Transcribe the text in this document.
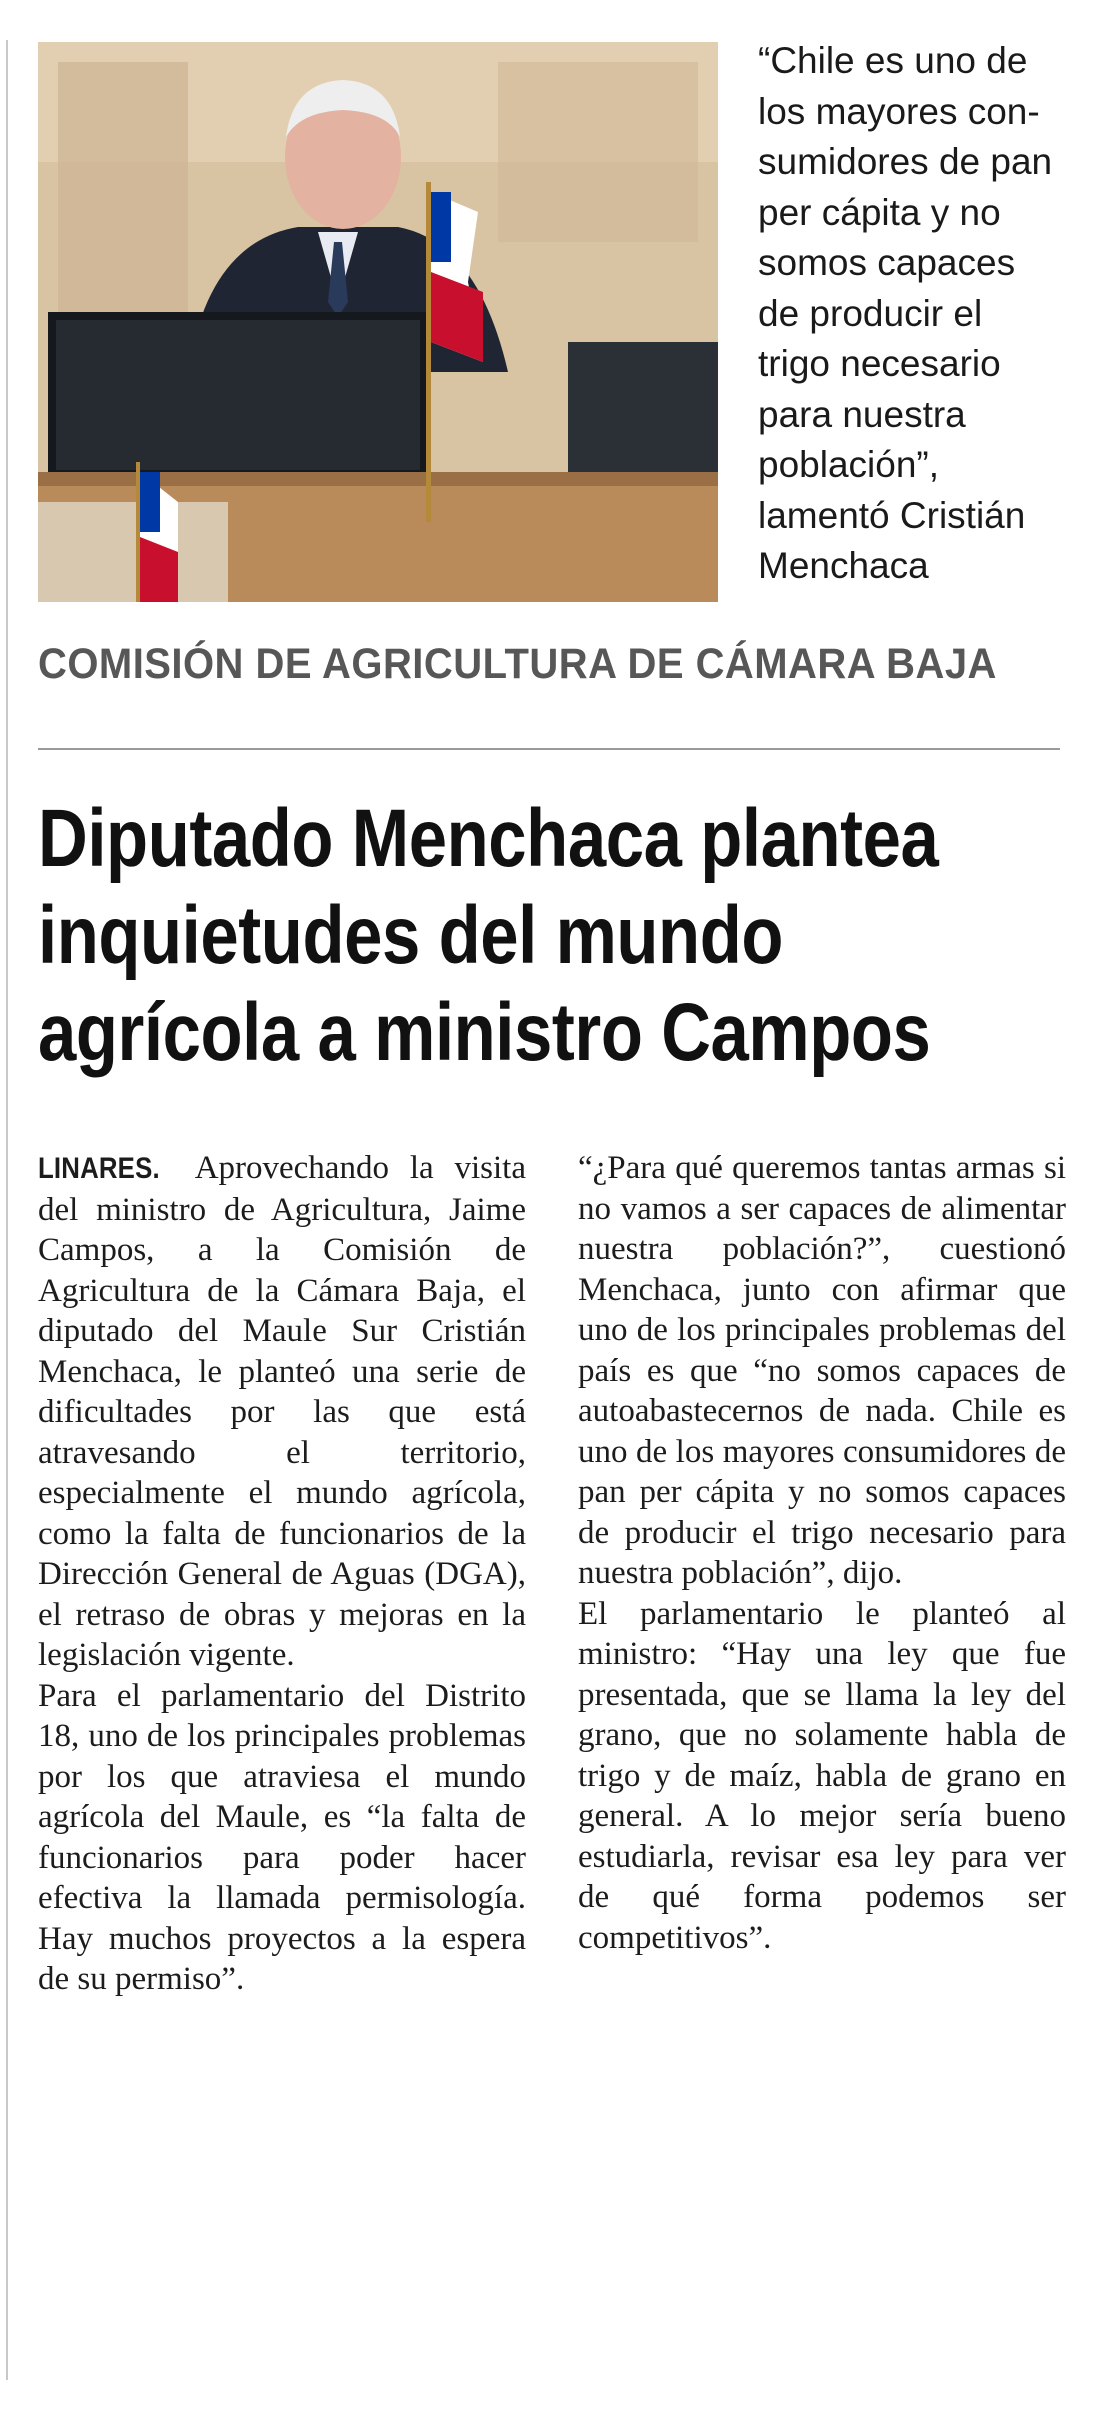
“Chile es uno de
los mayores con-
sumidores de pan
per cápita y no
somos capaces
de producir el
trigo necesario
para nuestra
población”,
lamentó Cristián
Menchaca
COMISIÓN DE AGRICULTURA DE CÁMARA BAJA
Diputado Menchaca plantea
inquietudes del mundo
agrícola a ministro Campos

LINARES. Aprovechando la visita del ministro de Agricultura, Jaime Campos, a la Comisión de Agricultura de la Cámara Baja, el diputado del Maule Sur Cristián Menchaca, le planteó una serie de dificultades por las que está atravesando el territorio, especialmente el mundo agrícola, como la falta de funcionarios de la Dirección General de Aguas (DGA), el retraso de obras y mejoras en la legislación vigente.

Para el parlamentario del Distrito 18, uno de los principales problemas por los que atraviesa el mundo agrícola del Maule, es “la falta de funcionarios para poder hacer efectiva la llamada permisología. Hay muchos proyectos a la espera de su permiso”.

“¿Para qué queremos tantas armas si no vamos a ser capaces de alimentar nuestra población?”, cuestionó Menchaca, junto con afirmar que uno de los principales problemas del país es que “no somos capaces de autoabastecernos de nada. Chile es uno de los mayores consumidores de pan per cápita y no somos capaces de producir el trigo necesario para nuestra población”, dijo.

El parlamentario le planteó al ministro: “Hay una ley que fue presentada, que se llama la ley del grano, que no solamente habla de trigo y de maíz, habla de grano en general. A lo mejor sería bueno estudiarla, revisar esa ley para ver de qué forma podemos ser competitivos”.
